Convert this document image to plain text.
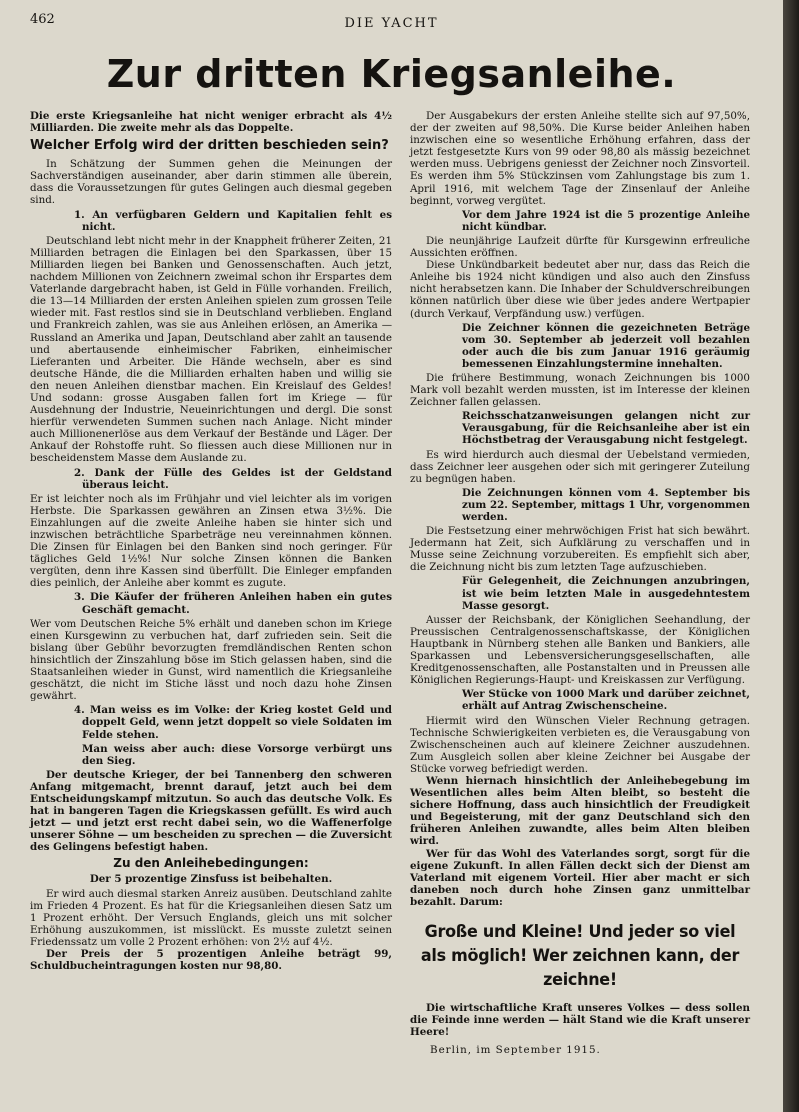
462	DIE YACHT
Zur dritten Kriegsanleihe.

Die erste Kriegsanleihe hat nicht weniger erbracht als 4½ Milliarden. Die zweite mehr als das Doppelte.

Welcher Erfolg wird der dritten beschieden sein?

In Schätzung der Summen gehen die Meinungen der Sachverständigen auseinander, aber darin stimmen alle überein, dass die Voraussetzungen für gutes Gelingen auch diesmal gegeben sind.

1. An verfügbaren Geldern und Kapitalien fehlt es nicht.

Deutschland lebt nicht mehr in der Knappheit früherer Zeiten, 21 Milliarden betragen die Einlagen bei den Sparkassen, über 15 Milliarden liegen bei Banken und Genossenschaften. Auch jetzt, nachdem Millionen von Zeichnern zweimal schon ihr Erspartes dem Vaterlande dargebracht haben, ist Geld in Fülle vorhanden. Freilich, die 13—14 Milliarden der ersten Anleihen spielen zum grossen Teile wieder mit. Fast restlos sind sie in Deutschland verblieben. England und Frankreich zahlen, was sie aus Anleihen erlösen, an Amerika — Russland an Amerika und Japan, Deutschland aber zahlt an tausende und abertausende einheimischer Fabriken, einheimischer Lieferanten und Arbeiter. Die Hände wechseln, aber es sind deutsche Hände, die die Milliarden erhalten haben und willig sie den neuen Anleihen dienstbar machen. Ein Kreislauf des Geldes! Und sodann: grosse Ausgaben fallen fort im Kriege — für Ausdehnung der Industrie, Neueinrichtungen und dergl. Die sonst hierfür verwendeten Summen suchen nach Anlage. Nicht minder auch Millionenerlöse aus dem Verkauf der Bestände und Läger. Der Ankauf der Rohstoffe ruht. So fliessen auch diese Millionen nur in bescheidenstem Masse dem Auslande zu.

2. Dank der Fülle des Geldes ist der Geldstand überaus leicht.

Er ist leichter noch als im Frühjahr und viel leichter als im vorigen Herbste. Die Sparkassen gewähren an Zinsen etwa 3½%. Die Einzahlungen auf die zweite Anleihe haben sie hinter sich und inzwischen beträchtliche Sparbeträge neu vereinnahmen können. Die Zinsen für Einlagen bei den Banken sind noch geringer. Für tägliches Geld 1½%! Nur solche Zinsen können die Banken vergüten, denn ihre Kassen sind überfüllt. Die Einleger empfanden dies peinlich, der Anleihe aber kommt es zugute.

3. Die Käufer der früheren Anleihen haben ein gutes Geschäft gemacht.

Wer vom Deutschen Reiche 5% erhält und daneben schon im Kriege einen Kursgewinn zu verbuchen hat, darf zufrieden sein. Seit die bislang über Gebühr bevorzugten fremdländischen Renten schon hinsichtlich der Zinszahlung böse im Stich gelassen haben, sind die Staatsanleihen wieder in Gunst, wird namentlich die Kriegsanleihe geschätzt, die nicht im Stiche lässt und noch dazu hohe Zinsen gewährt.

4. Man weiss es im Volke: der Krieg kostet Geld und doppelt Geld, wenn jetzt doppelt so viele Soldaten im Felde stehen.

Man weiss aber auch: diese Vorsorge verbürgt uns den Sieg.

Der deutsche Krieger, der bei Tannenberg den schweren Anfang mitgemacht, brennt darauf, jetzt auch bei dem Entscheidungskampf mitzutun. So auch das deutsche Volk. Es hat in bangeren Tagen die Kriegskassen gefüllt. Es wird auch jetzt — und jetzt erst recht dabei sein, wo die Waffenerfolge unserer Söhne — um bescheiden zu sprechen — die Zuversicht des Gelingens befestigt haben.

Zu den Anleihebedingungen:

Der 5 prozentige Zinsfuss ist beibehalten.

Er wird auch diesmal starken Anreiz ausüben. Deutschland zahlte im Frieden 4 Prozent. Es hat für die Kriegsanleihen diesen Satz um 1 Prozent erhöht. Der Versuch Englands, gleich uns mit solcher Erhöhung auszukommen, ist misslückt. Es musste zuletzt seinen Friedenssatz um volle 2 Prozent erhöhen: von 2½ auf 4½.

Der Preis der 5 prozentigen Anleihe beträgt 99, Schuldbucheintragungen kosten nur 98,80.

Der Ausgabekurs der ersten Anleihe stellte sich auf 97,50%, der der zweiten auf 98,50%. Die Kurse beider Anleihen haben inzwischen eine so wesentliche Erhöhung erfahren, dass der jetzt festgesetzte Kurs von 99 oder 98,80 als mässig bezeichnet werden muss. Uebrigens geniesst der Zeichner noch Zinsvorteil. Es werden ihm 5% Stückzinsen vom Zahlungstage bis zum 1. April 1916, mit welchem Tage der Zinsenlauf der Anleihe beginnt, vorweg vergütet.

Vor dem Jahre 1924 ist die 5 prozentige Anleihe nicht kündbar.

Die neunjährige Laufzeit dürfte für Kursgewinn erfreuliche Aussichten eröffnen.

Diese Unkündbarkeit bedeutet aber nur, dass das Reich die Anleihe bis 1924 nicht kündigen und also auch den Zinsfuss nicht herabsetzen kann. Die Inhaber der Schuldverschreibungen können natürlich über diese wie über jedes andere Wertpapier (durch Verkauf, Verpfändung usw.) verfügen.

Die Zeichner können die gezeichneten Beträge vom 30. September ab jederzeit voll bezahlen oder auch die bis zum Januar 1916 geräumig bemessenen Einzahlungstermine innehalten.

Die frühere Bestimmung, wonach Zeichnungen bis 1000 Mark voll bezahlt werden mussten, ist im Interesse der kleinen Zeichner fallen gelassen.

Reichsschatzanweisungen gelangen nicht zur Verausgabung, für die Reichsanleihe aber ist ein Höchstbetrag der Verausgabung nicht festgelegt.

Es wird hierdurch auch diesmal der Uebelstand vermieden, dass Zeichner leer ausgehen oder sich mit geringerer Zuteilung zu begnügen haben.

Die Zeichnungen können vom 4. September bis zum 22. September, mittags 1 Uhr, vorgenommen werden.

Die Festsetzung einer mehrwöchigen Frist hat sich bewährt. Jedermann hat Zeit, sich Aufklärung zu verschaffen und in Musse seine Zeichnung vorzubereiten. Es empfiehlt sich aber, die Zeichnung nicht bis zum letzten Tage aufzuschieben.

Für Gelegenheit, die Zeichnungen anzubringen, ist wie beim letzten Male in ausgedehntestem Masse gesorgt.

Ausser der Reichsbank, der Königlichen Seehandlung, der Preussischen Centralgenossenschaftskasse, der Königlichen Hauptbank in Nürnberg stehen alle Banken und Bankiers, alle Sparkassen und Lebensversicherungsgesellschaften, alle Kreditgenossenschaften, alle Postanstalten und in Preussen alle Königlichen Regierungs-Haupt- und Kreiskassen zur Verfügung.

Wer Stücke von 1000 Mark und darüber zeichnet, erhält auf Antrag Zwischenscheine.

Hiermit wird den Wünschen Vieler Rechnung getragen. Technische Schwierigkeiten verbieten es, die Verausgabung von Zwischenscheinen auch auf kleinere Zeichner auszudehnen. Zum Ausgleich sollen aber kleine Zeichner bei Ausgabe der Stücke vorweg befriedigt werden.

Wenn hiernach hinsichtlich der Anleihebegebung im Wesentlichen alles beim Alten bleibt, so besteht die sichere Hoffnung, dass auch hinsichtlich der Freudigkeit und Begeisterung, mit der ganz Deutschland sich den früheren Anleihen zuwandte, alles beim Alten bleiben wird.

Wer für das Wohl des Vaterlandes sorgt, sorgt für die eigene Zukunft. In allen Fällen deckt sich der Dienst am Vaterland mit eigenem Vorteil. Hier aber macht er sich daneben noch durch hohe Zinsen ganz unmittelbar bezahlt. Darum:

Große und Kleine! Und jeder so viel als möglich! Wer zeichnen kann, der zeichne!

Die wirtschaftliche Kraft unseres Volkes — dess sollen die Feinde inne werden — hält Stand wie die Kraft unserer Heere!

Berlin, im September 1915.
